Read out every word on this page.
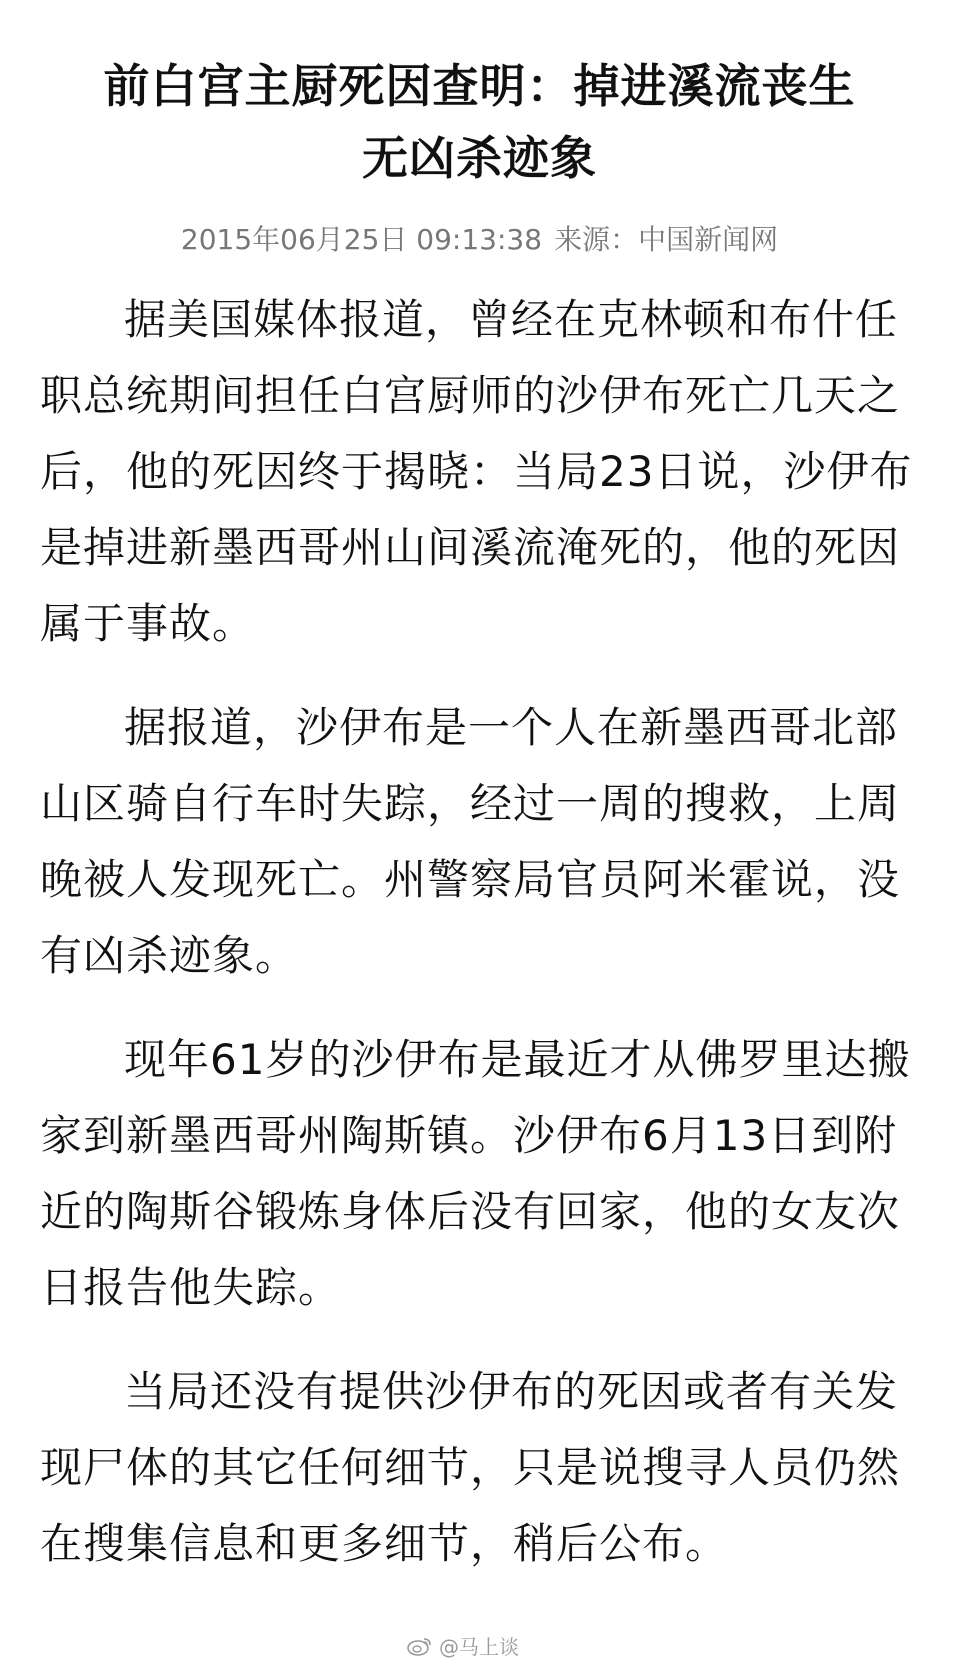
前白宫主厨死因查明：掉进溪流丧生
无凶杀迹象
2015年06月25日 09:13:38 来源：中国新闻网

据美国媒体报道，曾经在克林顿和布什任职总统期间担任白宫厨师的沙伊布死亡几天之后，他的死因终于揭晓：当局23日说，沙伊布是掉进新墨西哥州山间溪流淹死的，他的死因属于事故。

据报道，沙伊布是一个人在新墨西哥北部山区骑自行车时失踪，经过一周的搜救，上周晚被人发现死亡。州警察局官员阿米霍说，没有凶杀迹象。

现年61岁的沙伊布是最近才从佛罗里达搬家到新墨西哥州陶斯镇。沙伊布6月13日到附近的陶斯谷锻炼身体后没有回家，他的女友次日报告他失踪。

当局还没有提供沙伊布的死因或者有关发现尸体的其它任何细节，只是说搜寻人员仍然在搜集信息和更多细节，稍后公布。

@马上谈
